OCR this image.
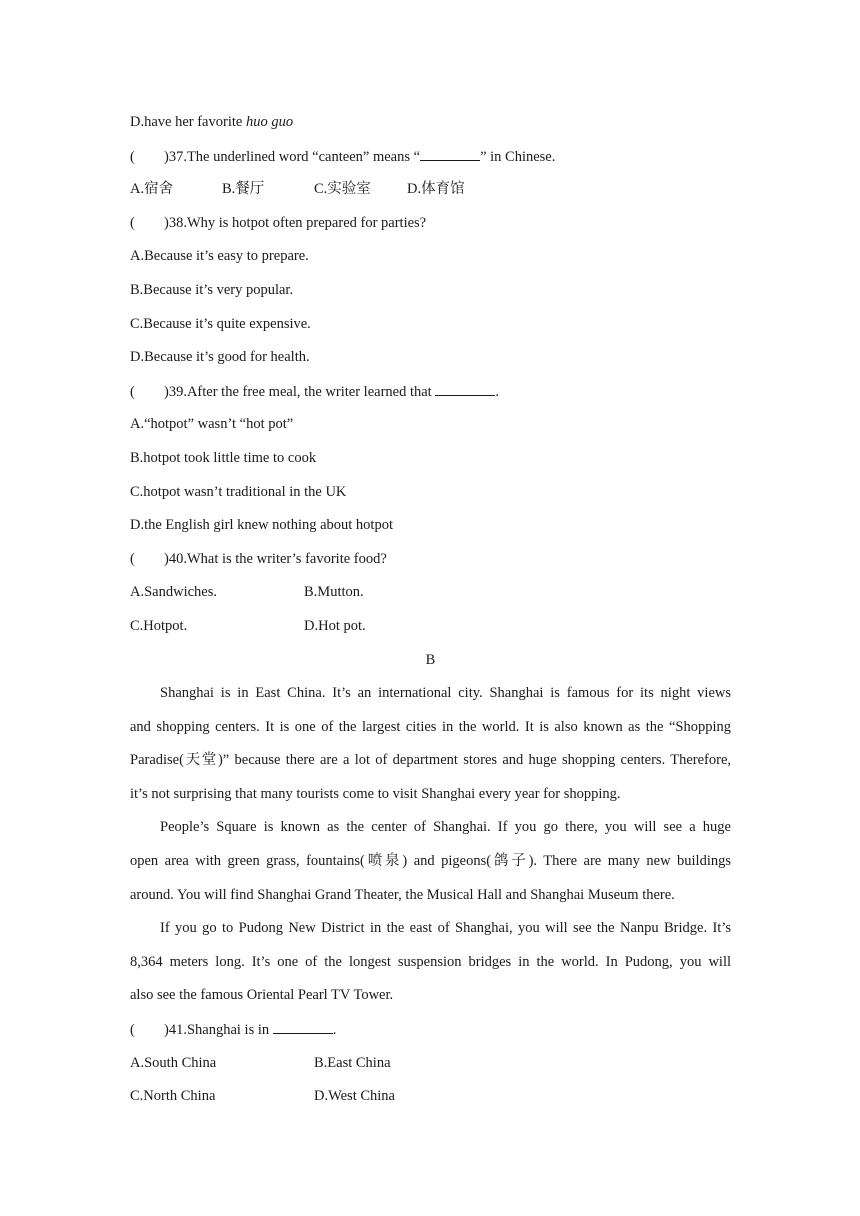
D.have her favorite huo guo
( )37.The underlined word “canteen” means “	” in Chinese.
A.宿舍	B.餐厅	C.实验室 D.体育馆
( )38.Why is hotpot often prepared for parties?
A.Because it’s easy to prepare.
B.Because it’s very popular.
C.Because it’s quite expensive.
D.Because it’s good for health.
( )39.After the free meal, the writer learned that	.
A.“hotpot” wasn’t “hot pot”
B.hotpot took little time to cook
C.hotpot wasn’t traditional in the UK
D.the English girl knew nothing about hotpot
( )40.What is the writer’s favorite food?
A.Sandwiches.	B.Mutton.
C.Hotpot.	D.Hot pot.
B
Shanghai is in East China. It’s an international city. Shanghai is famous for its night views
and shopping centers. It is one of the largest cities in the world. It is also known as the “Shopping
Paradise(天堂)” because there are a lot of department stores and huge shopping centers. Therefore,
it’s not surprising that many tourists come to visit Shanghai every year for shopping.
People’s Square is known as the center of Shanghai. If you go there, you will see a huge
open area with green grass, fountains(喷泉) and pigeons(鸽子). There are many new buildings
around. You will find Shanghai Grand Theater, the Musical Hall and Shanghai Museum there.
If you go to Pudong New District in the east of Shanghai, you will see the Nanpu Bridge. It’s
8,364 meters long. It’s one of the longest suspension bridges in the world. In Pudong, you will
also see the famous Oriental Pearl TV Tower.
( )41.Shanghai is in	.
A.South China	B.East China
C.North China	D.West China
